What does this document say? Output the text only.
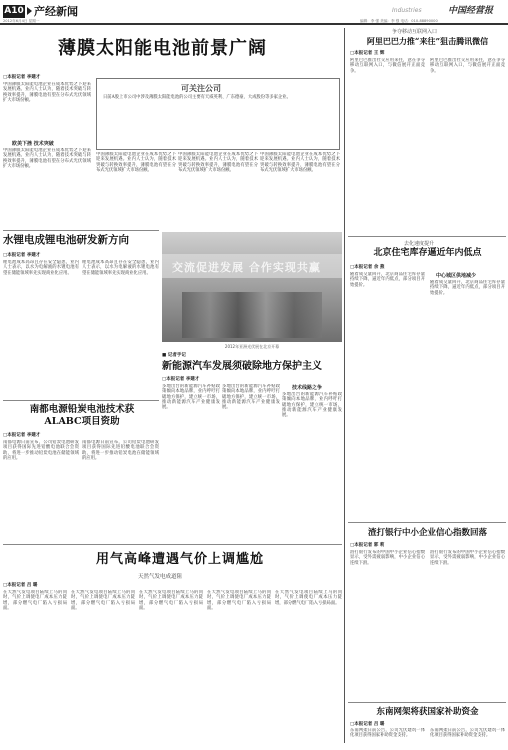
A10 产经新闻	Industries	中国经营报
2012年6月4日 星期一	编辑：李 强 美编：李 强 电话：010-88890000
薄膜太阳能电池前景广阔
□本报记者 李建才
可关注公司
日前A股上市公司中涉及薄膜太阳能电池的公司主要有天威英利、广东德豪、大成股份等多家企业。
中国薄膜太阳能电池企业在成本优势之下迎来发展机遇。业内人士认为，随着技术突破与转换效率提升，薄膜电池有望在分布式光伏领域扩大市场份额。
欧美下挫 技术突破
中国薄膜太阳能电池企业在成本优势之下迎来发展机遇。业内人士认为，随着技术突破与转换效率提升，薄膜电池有望在分布式光伏领域扩大市场份额。
中国薄膜太阳能电池企业在成本优势之下迎来发展机遇。业内人士认为，随着技术突破与转换效率提升，薄膜电池有望在分布式光伏领域扩大市场份额。
中国薄膜太阳能电池企业在成本优势之下迎来发展机遇。业内人士认为，随着技术突破与转换效率提升，薄膜电池有望在分布式光伏领域扩大市场份额。
中国薄膜太阳能电池企业在成本优势之下迎来发展机遇。业内人士认为，随着技术突破与转换效率提升，薄膜电池有望在分布式光伏领域扩大市场份额。
交流促进发展 合作实现共赢
2012年亚洲光伏展在北京开幕
水锂电成锂电池研发新方向
□本报记者 李建才
锂电池成本高昂且存在安全隐患，业内人士表示，以水为电解液的水锂电池有望在储能领域率先实现商业化应用。
锂电池成本高昂且存在安全隐患，业内人士表示，以水为电解液的水锂电池有望在储能领域率先实现商业化应用。
南都电源铅炭电池技术获ALABC项目资助
□本报记者 李建才
南都电源日前宣布，公司铅炭电池研发项目获得国际先进铅酸电池联合会资助，将进一步推动铅炭电池在储能领域的应用。
南都电源日前宣布，公司铅炭电池研发项目获得国际先进铅酸电池联合会资助，将进一步推动铅炭电池在储能领域的应用。
■ 记者手记
新能源汽车发展须破除地方保护主义
□本报记者 李建才
多地出台的新能源汽车补贴政策倾向本地品牌，业内呼吁打破地方保护，建立统一市场，推动新能源汽车产业健康发展。
多地出台的新能源汽车补贴政策倾向本地品牌，业内呼吁打破地方保护，建立统一市场，推动新能源汽车产业健康发展。
技术线路之争
多地出台的新能源汽车补贴政策倾向本地品牌，业内呼吁打破地方保护，建立统一市场，推动新能源汽车产业健康发展。
用气高峰遭遇气价上调尴尬
天然气发电成道阻
□本报记者 吕 璐
在天然气发电项目陆续上马的同时，气价上调使电厂成本压力陡增，部分燃气电厂陷入亏损局面。
在天然气发电项目陆续上马的同时，气价上调使电厂成本压力陡增，部分燃气电厂陷入亏损局面。
在天然气发电项目陆续上马的同时，气价上调使电厂成本压力陡增，部分燃气电厂陷入亏损局面。
在天然气发电项目陆续上马的同时，气价上调使电厂成本压力陡增，部分燃气电厂陷入亏损局面。
在天然气发电项目陆续上马的同时，气价上调使电厂成本压力陡增，部分燃气电厂陷入亏损局面。
争夺移动互联网入口
阿里巴巴力推“来往”狙击腾讯微信
□本报记者 王 辉
阿里巴巴推出社交应用来往，意在争夺移动互联网入口，与微信展开正面竞争。
阿里巴巴推出社交应用来往，意在争夺移动互联网入口，与微信展开正面竞争。
去化速度提升
北京住宅库存逼近年内低点
□本报记者 余 燕
随着成交量回升，北京商品住宅库存量持续下降，逼近年内低点，部分项目开始提价。
中心城区供地减少
随着成交量回升，北京商品住宅库存量持续下降，逼近年内低点，部分项目开始提价。
渣打银行中小企业信心指数回落
□本报记者 郭 莉
渣打银行发布的中国中小企业信心指数显示，受外需疲弱影响，中小企业信心连续下滑。
渣打银行发布的中国中小企业信心指数显示，受外需疲弱影响，中小企业信心连续下滑。
东南网架将获国家补助资金
□本报记者 吕 璐
东南网架日前公告，公司光伏建筑一体化项目获得国家补助资金支持。
东南网架日前公告，公司光伏建筑一体化项目获得国家补助资金支持。
